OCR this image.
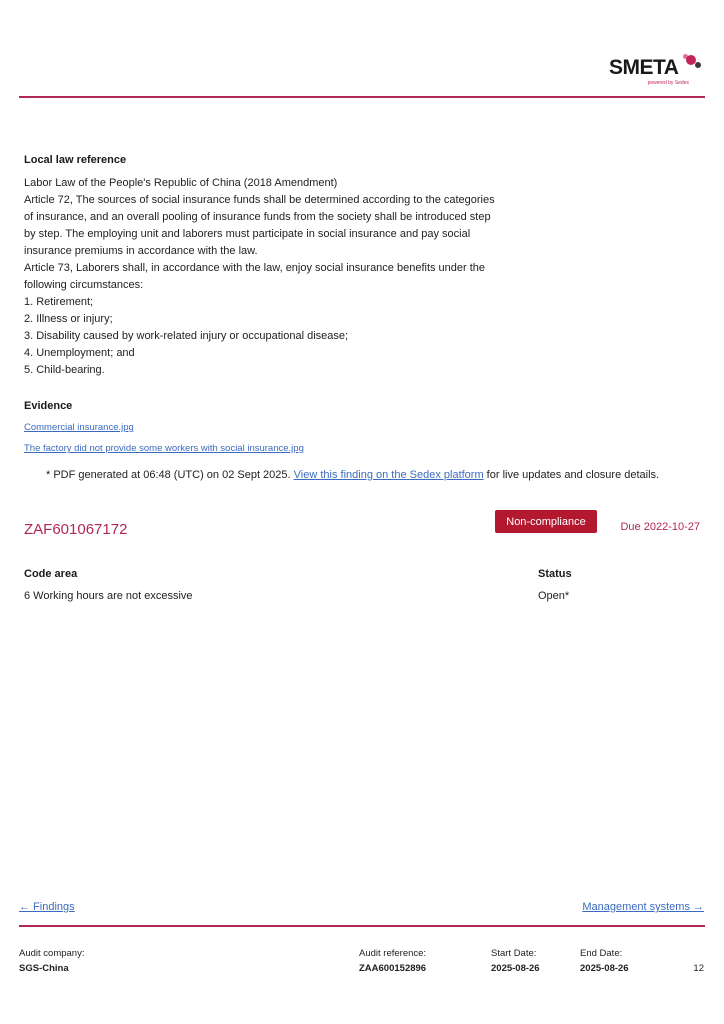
SMETA
powered by Sedex
Local law reference
Labor Law of the People's Republic of China (2018 Amendment)
Article 72, The sources of social insurance funds shall be determined according to the categories
of insurance, and an overall pooling of insurance funds from the society shall be introduced step
by step. The employing unit and laborers must participate in social insurance and pay social
insurance premiums in accordance with the law.
Article 73, Laborers shall, in accordance with the law, enjoy social insurance benefits under the
following circumstances:
1. Retirement;
2. Illness or injury;
3. Disability caused by work-related injury or occupational disease;
4. Unemployment; and
5. Child-bearing.
Evidence
Commercial insurance.jpg
The factory did not provide some workers with social insurance.jpg
* PDF generated at 06:48 (UTC) on 02 Sept 2025. View this finding on the Sedex platform for live updates and closure details.
ZAF601067172	Non-compliance	Due 2022-10-27
Code area
6 Working hours are not excessive
Status
Open*
← Findings	Management systems →
Audit company:
SGS-China
Audit reference:
ZAA600152896
Start Date:
2025-08-26
End Date:
2025-08-26	12
